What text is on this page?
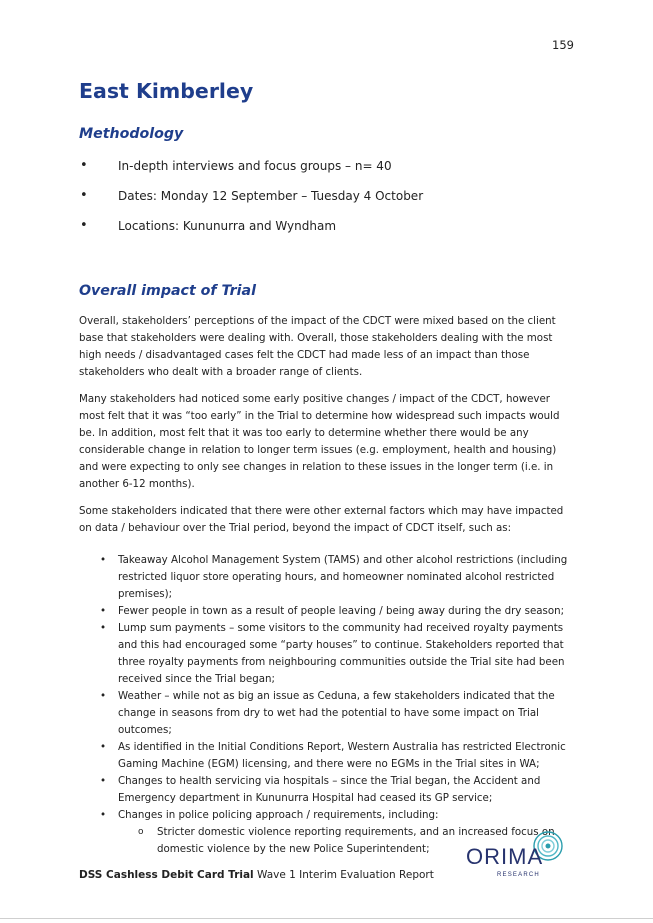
159
East Kimberley
Methodology
•	In-depth interviews and focus groups – n= 40
•	Dates: Monday 12 September – Tuesday 4 October
•	Locations: Kununurra and Wyndham
Overall impact of Trial

Overall, stakeholders’ perceptions of the impact of the CDCT were mixed based on the client base that stakeholders were dealing with. Overall, those stakeholders dealing with the most high needs / disadvantaged cases felt the CDCT had made less of an impact than those stakeholders who dealt with a broader range of clients.

Many stakeholders had noticed some early positive changes / impact of the CDCT, however most felt that it was “too early” in the Trial to determine how widespread such impacts would be. In addition, most felt that it was too early to determine whether there would be any considerable change in relation to longer term issues (e.g. employment, health and housing) and were expecting to only see changes in relation to these issues in the longer term (i.e. in another 6-12 months).

Some stakeholders indicated that there were other external factors which may have impacted on data / behaviour over the Trial period, beyond the impact of CDCT itself, such as:

• Takeaway Alcohol Management System (TAMS) and other alcohol restrictions (including restricted liquor store operating hours, and homeowner nominated alcohol restricted premises);
• Fewer people in town as a result of people leaving / being away during the dry season;
• Lump sum payments – some visitors to the community had received royalty payments and this had encouraged some “party houses” to continue. Stakeholders reported that three royalty payments from neighbouring communities outside the Trial site had been received since the Trial began;
• Weather – while not as big an issue as Ceduna, a few stakeholders indicated that the change in seasons from dry to wet had the potential to have some impact on Trial outcomes;
• As identified in the Initial Conditions Report, Western Australia has restricted Electronic Gaming Machine (EGM) licensing, and there were no EGMs in the Trial sites in WA;
• Changes to health servicing via hospitals – since the Trial began, the Accident and Emergency department in Kununurra Hospital had ceased its GP service;
• Changes in police policing approach / requirements, including:
o Stricter domestic violence reporting requirements, and an increased focus on domestic violence by the new Police Superintendent;	ORIMA
RESEARCH
DSS Cashless Debit Card Trial Wave 1 Interim Evaluation Report
